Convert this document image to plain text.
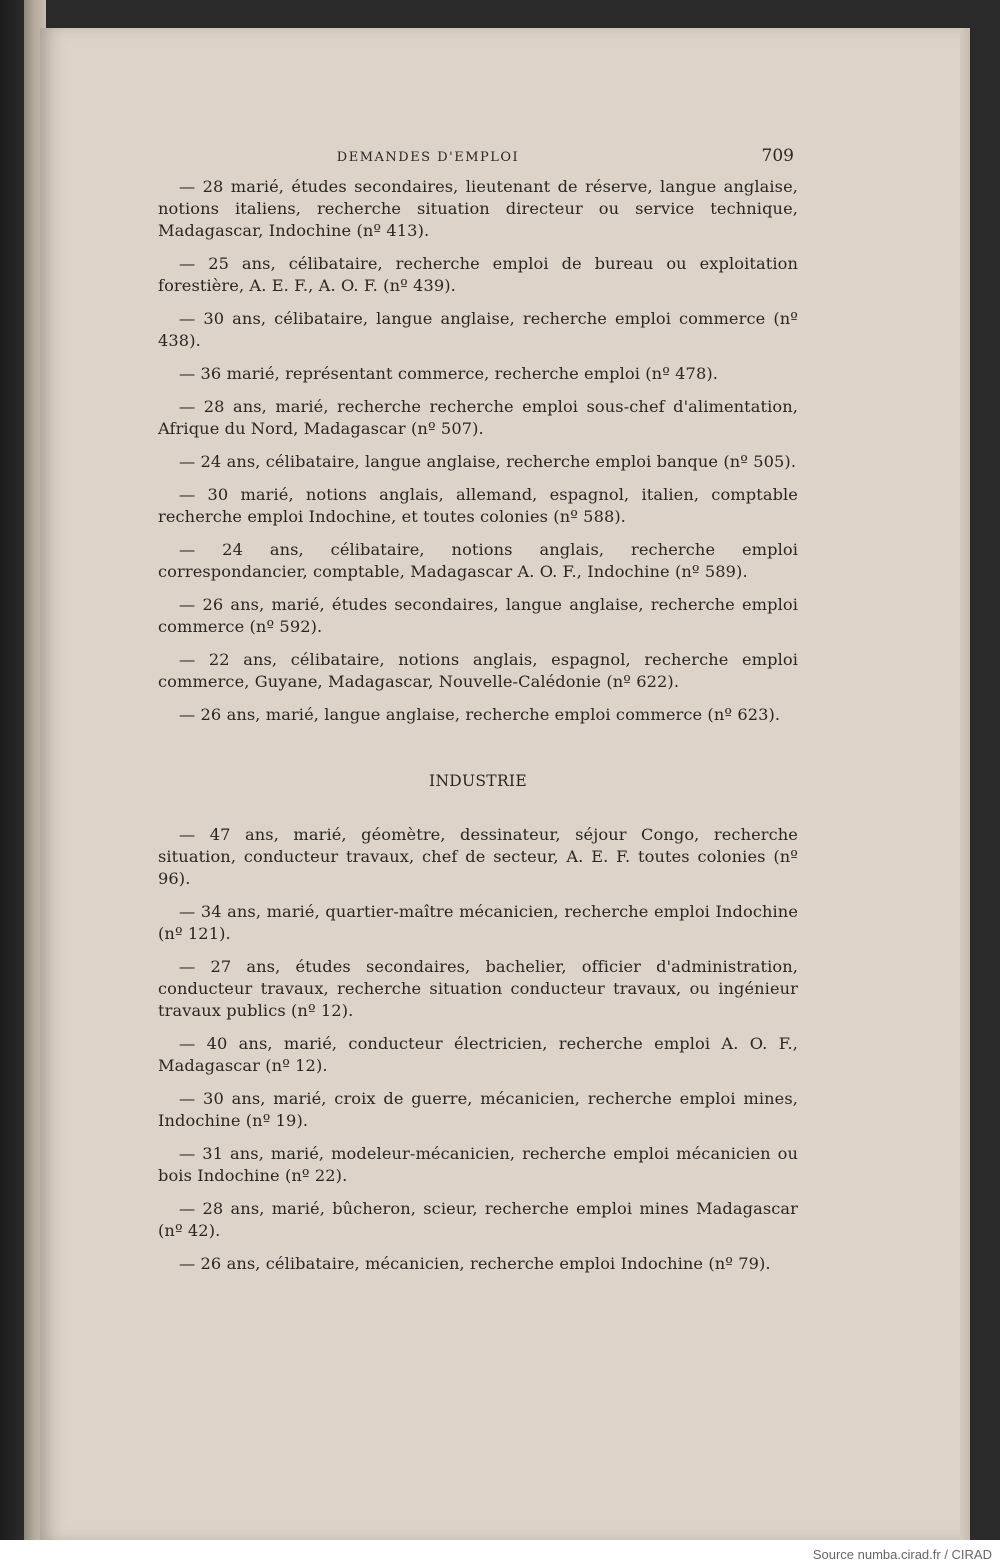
DEMANDES D'EMPLOI	709

— 28 marié, études secondaires, lieutenant de réserve, langue anglaise, notions italiens, recherche situation directeur ou service technique, Madagascar, Indochine (nº 413).

— 25 ans, célibataire, recherche emploi de bureau ou exploitation forestière, A. E. F., A. O. F. (nº 439).

— 30 ans, célibataire, langue anglaise, recherche emploi commerce (nº 438).

— 36 marié, représentant commerce, recherche emploi (nº 478).

— 28 ans, marié, recherche recherche emploi sous-chef d'alimentation, Afrique du Nord, Madagascar (nº 507).

— 24 ans, célibataire, langue anglaise, recherche emploi banque (nº 505).

— 30 marié, notions anglais, allemand, espagnol, italien, comptable recherche emploi Indochine, et toutes colonies (nº 588).

— 24 ans, célibataire, notions anglais, recherche emploi correspondancier, comptable, Madagascar A. O. F., Indochine (nº 589).

— 26 ans, marié, études secondaires, langue anglaise, recherche emploi commerce (nº 592).

— 22 ans, célibataire, notions anglais, espagnol, recherche emploi commerce, Guyane, Madagascar, Nouvelle-Calédonie (nº 622).

— 26 ans, marié, langue anglaise, recherche emploi commerce (nº 623).

INDUSTRIE

— 47 ans, marié, géomètre, dessinateur, séjour Congo, recherche situation, conducteur travaux, chef de secteur, A. E. F. toutes colonies (nº 96).

— 34 ans, marié, quartier-maître mécanicien, recherche emploi Indochine (nº 121).

— 27 ans, études secondaires, bachelier, officier d'administration, conducteur travaux, recherche situation conducteur travaux, ou ingénieur travaux publics (nº 12).

— 40 ans, marié, conducteur électricien, recherche emploi A. O. F., Madagascar (nº 12).

— 30 ans, marié, croix de guerre, mécanicien, recherche emploi mines, Indochine (nº 19).

— 31 ans, marié, modeleur-mécanicien, recherche emploi mécanicien ou bois Indochine (nº 22).

— 28 ans, marié, bûcheron, scieur, recherche emploi mines Madagascar (nº 42).

— 26 ans, célibataire, mécanicien, recherche emploi Indochine (nº 79).

Source numba.cirad.fr / CIRAD
